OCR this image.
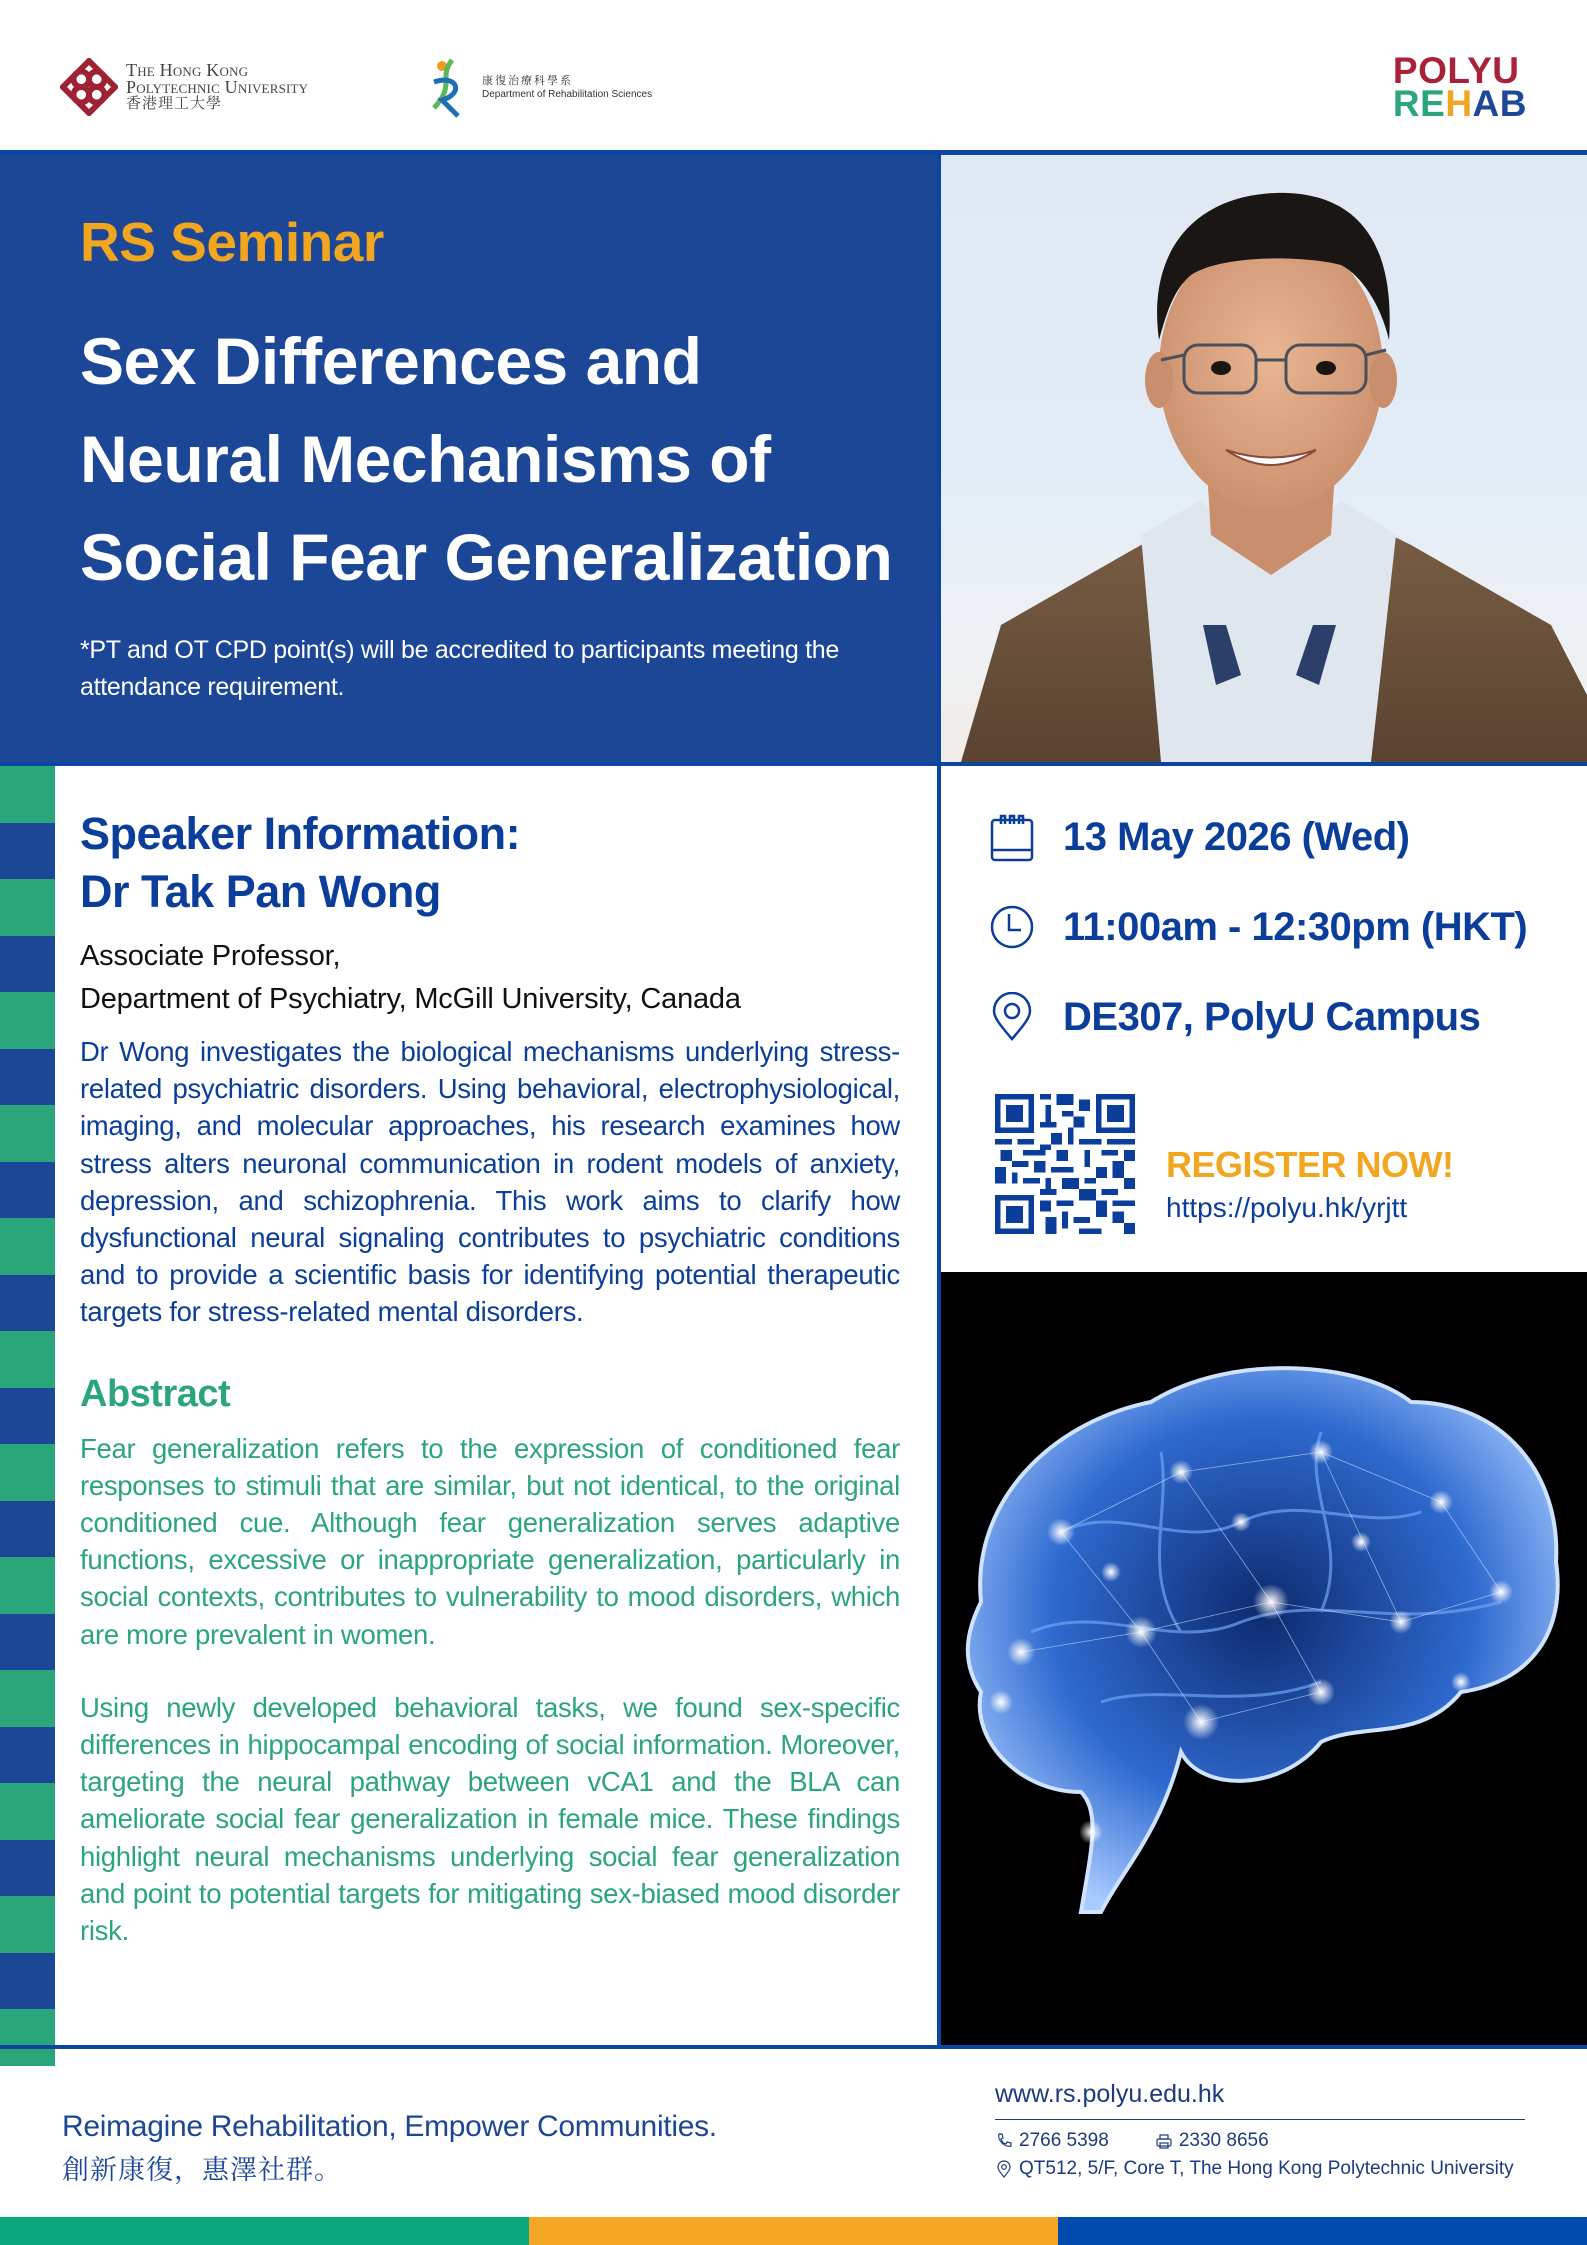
The Hong Kong
Polytechnic University
香港理工大學
康復治療科學系
Department of Rehabilitation Sciences
POLYU
REHAB
RS Seminar
Sex Differences and
Neural Mechanisms of
Social Fear Generalization
*PT and OT CPD point(s) will be accredited to participants meeting the attendance requirement.
Speaker Information:
Dr Tak Pan Wong
Associate Professor,
Department of Psychiatry, McGill University, Canada

Dr Wong investigates the biological mechanisms underlying stress-related psychiatric disorders. Using behavioral, electrophysiological, imaging, and molecular approaches, his research examines how stress alters neuronal communication in rodent models of anxiety, depression, and schizophrenia. This work aims to clarify how dysfunctional neural signaling contributes to psychiatric conditions and to provide a scientific basis for identifying potential therapeutic targets for stress-related mental disorders.

Abstract

Fear generalization refers to the expression of conditioned fear responses to stimuli that are similar, but not identical, to the original conditioned cue. Although fear generalization serves adaptive functions, excessive or inappropriate generalization, particularly in social contexts, contributes to vulnerability to mood disorders, which are more prevalent in women.

Using newly developed behavioral tasks, we found sex-specific differences in hippocampal encoding of social information. Moreover, targeting the neural pathway between vCA1 and the BLA can ameliorate social fear generalization in female mice. These findings highlight neural mechanisms underlying social fear generalization and point to potential targets for mitigating sex-biased mood disorder risk.

13 May 2026 (Wed)
11:00am - 12:30pm (HKT)
DE307, PolyU Campus
REGISTER NOW!
https://polyu.hk/yrjtt
Reimagine Rehabilitation, Empower Communities.
創新康復，惠澤社群。
www.rs.polyu.edu.hk
2766 5398	2330 8656
QT512, 5/F, Core T, The Hong Kong Polytechnic University
